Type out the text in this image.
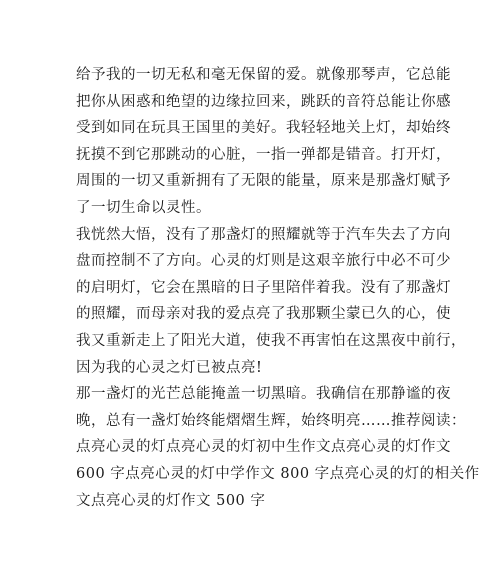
给予我的一切无私和毫无保留的爱。就像那琴声，它总能
把你从困惑和绝望的边缘拉回来，跳跃的音符总能让你感
受到如同在玩具王国里的美好。我轻轻地关上灯，却始终
抚摸不到它那跳动的心脏，一指一弹都是错音。打开灯，
周围的一切又重新拥有了无限的能量，原来是那盏灯赋予
了一切生命以灵性。
我恍然大悟，没有了那盏灯的照耀就等于汽车失去了方向
盘而控制不了方向。心灵的灯则是这艰辛旅行中必不可少
的启明灯，它会在黑暗的日子里陪伴着我。没有了那盏灯
的照耀，而母亲对我的爱点亮了我那颗尘蒙已久的心，使
我又重新走上了阳光大道，使我不再害怕在这黑夜中前行，
因为我的心灵之灯已被点亮!
那一盏灯的光芒总能掩盖一切黑暗。我确信在那静谧的夜
晚，总有一盏灯始终能熠熠生辉，始终明亮……推荐阅读：
点亮心灵的灯点亮心灵的灯初中生作文点亮心灵的灯作文
600 字点亮心灵的灯中学作文 800 字点亮心灵的灯的相关作
文点亮心灵的灯作文 500 字
